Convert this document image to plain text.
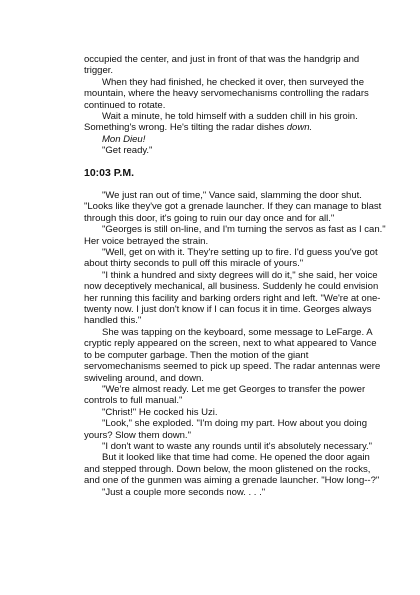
occupied the center, and just in front of that was the handgrip and trigger.

When they had finished, he checked it over, then surveyed the mountain, where the heavy servomechanisms controlling the radars continued to rotate.

Wait a minute, he told himself with a sudden chill in his groin. Something's wrong. He's tilting the radar dishes down.

Mon Dieu!

"Get ready."

10:03 P.M.

"We just ran out of time," Vance said, slamming the door shut. "Looks like they've got a grenade launcher. If they can manage to blast through this door, it's going to ruin our day once and for all."

"Georges is still on-line, and I'm turning the servos as fast as I can." Her voice betrayed the strain.

"Well, get on with it. They're setting up to fire. I'd guess you've got about thirty seconds to pull off this miracle of yours."

"I think a hundred and sixty degrees will do it," she said, her voice now deceptively mechanical, all business. Suddenly he could envision her running this facility and barking orders right and left. "We're at one-twenty now. I just don't know if I can focus it in time. Georges always handled this."

She was tapping on the keyboard, some message to LeFarge. A cryptic reply appeared on the screen, next to what appeared to Vance to be computer garbage. Then the motion of the giant servomechanisms seemed to pick up speed. The radar antennas were swiveling around, and down.

"We're almost ready. Let me get Georges to transfer the power controls to full manual."

"Christ!" He cocked his Uzi.

"Look," she exploded. "I'm doing my part. How about you doing yours? Slow them down."

"I don't want to waste any rounds until it's absolutely necessary."

But it looked like that time had come. He opened the door again and stepped through. Down below, the moon glistened on the rocks, and one of the gunmen was aiming a grenade launcher. "How long--?"

"Just a couple more seconds now. . . ."
